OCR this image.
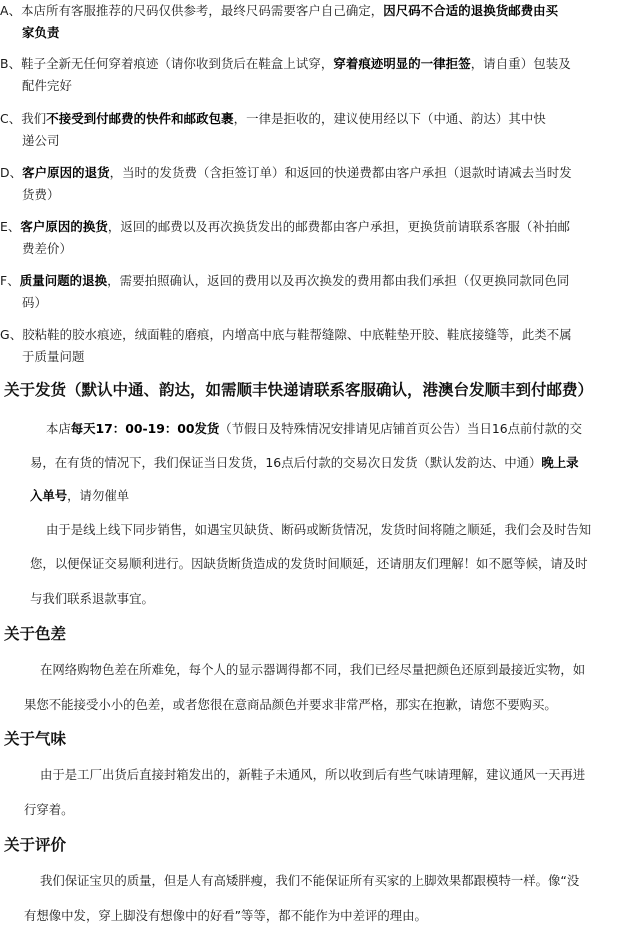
A、本店所有客服推荐的尺码仅供参考，最终尺码需要客户自己确定，因尺码不合适的退换货邮费由买
家负责
B、鞋子全新无任何穿着痕迹（请你收到货后在鞋盒上试穿，穿着痕迹明显的一律拒签，请自重）包装及
配件完好
C、我们不接受到付邮费的快件和邮政包裹，一律是拒收的，建议使用经以下（中通、韵达）其中快
递公司
D、客户原因的退货，当时的发货费（含拒签订单）和返回的快递费都由客户承担（退款时请减去当时发
货费）
E、客户原因的换货，返回的邮费以及再次换货发出的邮费都由客户承担，更换货前请联系客服（补拍邮
费差价）
F、质量问题的退换，需要拍照确认，返回的费用以及再次换发的费用都由我们承担（仅更换同款同色同
码）
G、胶粘鞋的胶水痕迹，绒面鞋的磨痕，内增高中底与鞋帮缝隙、中底鞋垫开胶、鞋底接缝等，此类不属
于质量问题
关于发货（默认中通、韵达，如需顺丰快递请联系客服确认，港澳台发顺丰到付邮费）
本店每天17：00-19：00发货（节假日及特殊情况安排请见店铺首页公告）当日16点前付款的交
易，在有货的情况下，我们保证当日发货，16点后付款的交易次日发货（默认发韵达、中通）晚上录
入单号，请勿催单
由于是线上线下同步销售，如遇宝贝缺货、断码或断货情况，发货时间将随之顺延，我们会及时告知
您，以便保证交易顺利进行。因缺货断货造成的发货时间顺延，还请朋友们理解！如不愿等候，请及时
与我们联系退款事宜。
关于色差
在网络购物色差在所难免，每个人的显示器调得都不同，我们已经尽量把颜色还原到最接近实物，如
果您不能接受小小的色差，或者您很在意商品颜色并要求非常严格，那实在抱歉，请您不要购买。
关于气味
由于是工厂出货后直接封箱发出的，新鞋子未通风，所以收到后有些气味请理解，建议通风一天再进
行穿着。
关于评价
我们保证宝贝的质量，但是人有高矮胖瘦，我们不能保证所有买家的上脚效果都跟模特一样。像“没
有想像中发，穿上脚没有想像中的好看”等等，都不能作为中差评的理由。
